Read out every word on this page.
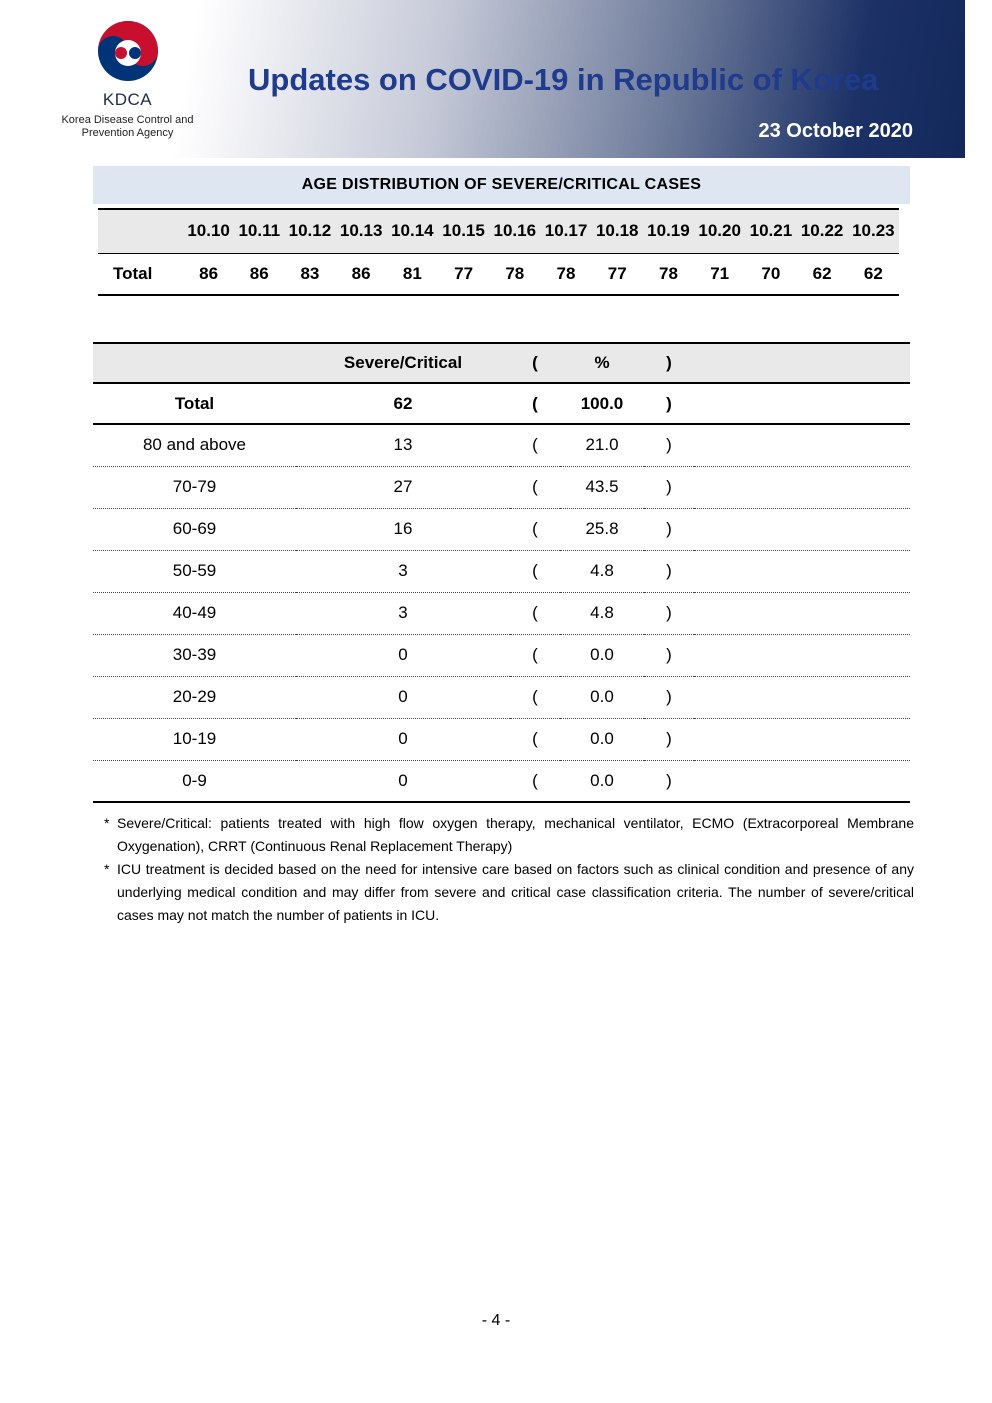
KDCA
Korea Disease Control and
Prevention Agency
Updates on COVID-19 in Republic of Korea
23 October 2020
AGE DISTRIBUTION OF SEVERE/CRITICAL CASES
	10.10	10.11	10.12	10.13	10.14	10.15	10.16	10.17	10.18	10.19	10.20	10.21	10.22	10.23
Total	86	86	83	86	81	77	78	78	77	78	71	70	62	62
	Severe/Critical	(	%	)	
Total	62	(	100.0	)	
80 and above	13	(	21.0	)	
70-79	27	(	43.5	)	
60-69	16	(	25.8	)	
50-59	3	(	4.8	)	
40-49	3	(	4.8	)	
30-39	0	(	0.0	)	
20-29	0	(	0.0	)	
10-19	0	(	0.0	)	
0-9	0	(	0.0	)	
* Severe/Critical: patients treated with high flow oxygen therapy, mechanical ventilator, ECMO (Extracorporeal Membrane Oxygenation), CRRT (Continuous Renal Replacement Therapy)
* ICU treatment is decided based on the need for intensive care based on factors such as clinical condition and presence of any underlying medical condition and may differ from severe and critical case classification criteria. The number of severe/critical cases may not match the number of patients in ICU.
- 4 -
